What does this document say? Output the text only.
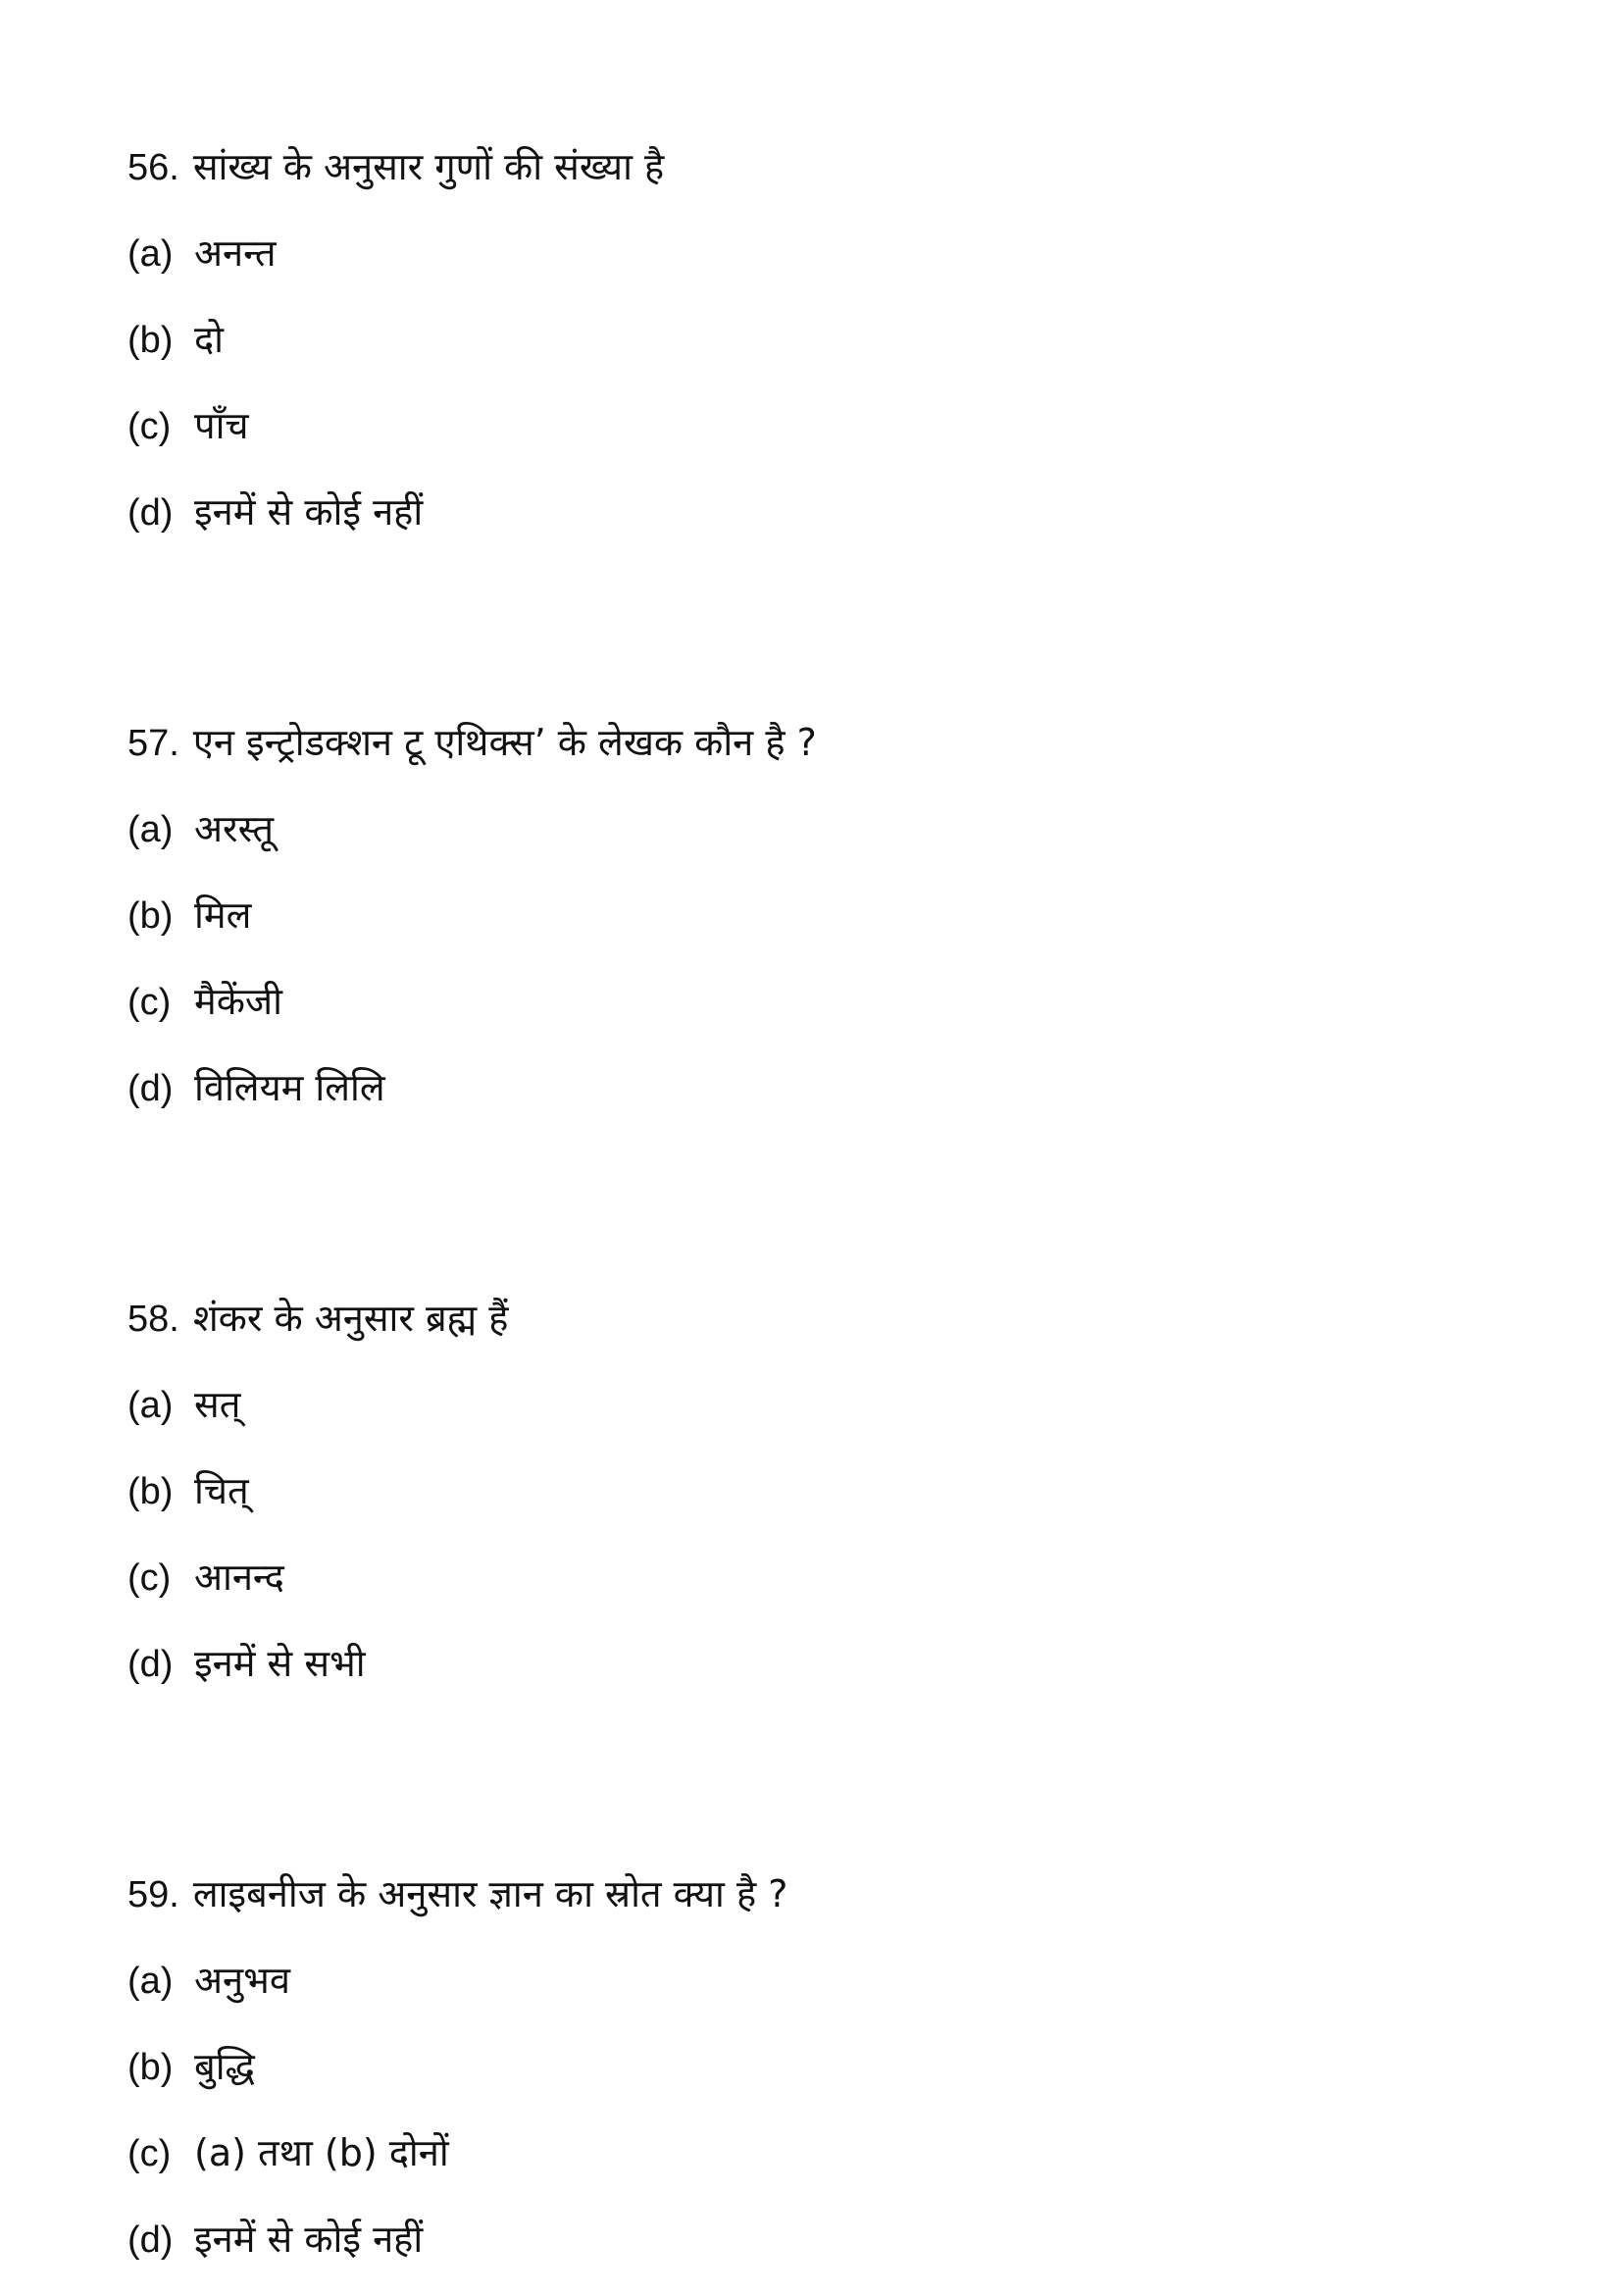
56. सांख्य के अनुसार गुणों की संख्या है
(a) अनन्त
(b) दो
(c) पाँच
(d) इनमें से कोई नहीं
57. एन इन्ट्रोडक्शन टू एथिक्स’ के लेखक कौन है ?
(a) अरस्तू
(b) मिल
(c) मैकेंजी
(d) विलियम लिलि
58. शंकर के अनुसार ब्रह्म हैं
(a) सत्
(b) चित्
(c) आनन्द
(d) इनमें से सभी
59. लाइबनीज के अनुसार ज्ञान का स्रोत क्या है ?
(a) अनुभव
(b) बुद्धि
(c) (a) तथा (b) दोनों
(d) इनमें से कोई नहीं
